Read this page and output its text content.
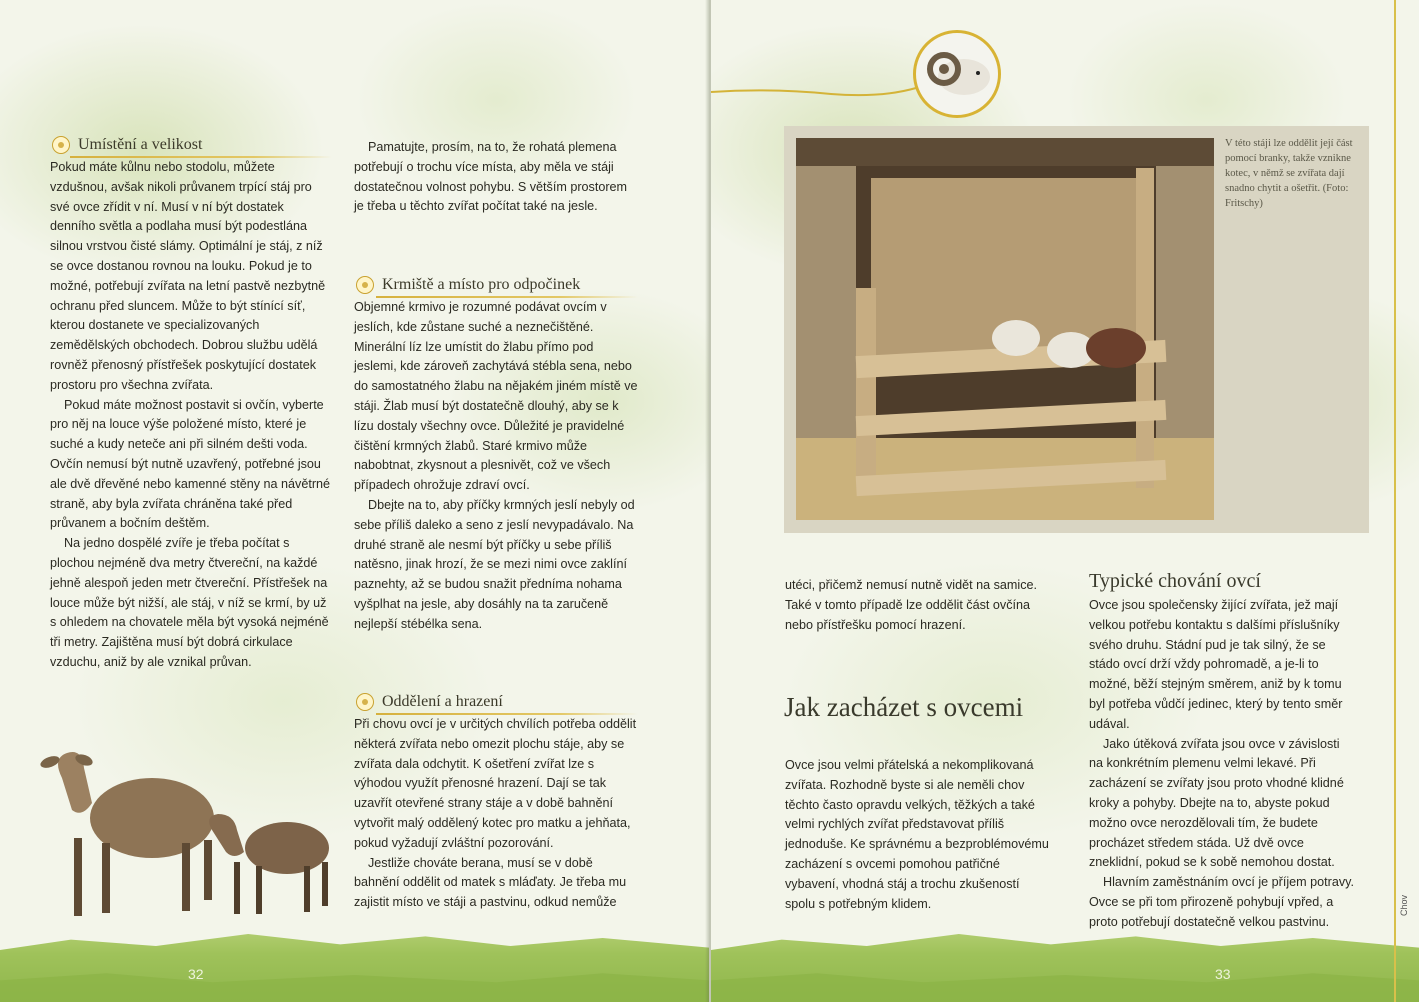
Umístění a velikost

Pokud máte kůlnu nebo stodolu, můžete vzdušnou, avšak nikoli průvanem trpící stáj pro své ovce zřídit v ní. Musí v ní být dostatek denního světla a podlaha musí být podestlána silnou vrstvou čisté slámy. Optimální je stáj, z níž se ovce dostanou rovnou na louku. Pokud je to možné, potřebují zvířata na letní pastvě nezbytně ochranu před sluncem. Může to být stínící síť, kterou dostanete ve specializovaných zemědělských obchodech. Dobrou službu udělá rovněž přenosný přístřešek poskytující dostatek prostoru pro všechna zvířata.

Pokud máte možnost postavit si ovčín, vyberte pro něj na louce výše položené místo, které je suché a kudy neteče ani při silném dešti voda. Ovčín nemusí být nutně uzavřený, potřebné jsou ale dvě dřevěné nebo kamenné stěny na návětrné straně, aby byla zvířata chráněna také před průvanem a bočním deštěm.

Na jedno dospělé zvíře je třeba počítat s plochou nejméně dva metry čtvereční, na každé jehně alespoň jeden metr čtvereční. Přístřešek na louce může být nižší, ale stáj, v níž se krmí, by už s ohledem na chovatele měla být vysoká nejméně tři metry. Zajištěna musí být dobrá cirkulace vzduchu, aniž by ale vznikal průvan.

Pamatujte, prosím, na to, že rohatá plemena potřebují o trochu více místa, aby měla ve stáji dostatečnou volnost pohybu. S větším prostorem je třeba u těchto zvířat počítat také na jesle.

Krmiště a místo pro odpočinek

Objemné krmivo je rozumné podávat ovcím v jeslích, kde zůstane suché a neznečištěné. Minerální líz lze umístit do žlabu přímo pod jeslemi, kde zároveň zachytává stébla sena, nebo do samostatného žlabu na nějakém jiném místě ve stáji. Žlab musí být dostatečně dlouhý, aby se k lízu dostaly všechny ovce. Důležité je pravidelné čištění krmných žlabů. Staré krmivo může nabobtnat, zkysnout a plesnivět, což ve všech případech ohrožuje zdraví ovcí.

Dbejte na to, aby příčky krmných jeslí nebyly od sebe příliš daleko a seno z jeslí nevypadávalo. Na druhé straně ale nesmí být příčky u sebe příliš natěsno, jinak hrozí, že se mezi nimi ovce zaklíní paznehty, až se budou snažit předníma nohama vyšplhat na jesle, aby dosáhly na ta zaručeně nejlepší stébélka sena.

Oddělení a hrazení

Při chovu ovcí je v určitých chvílích potřeba oddělit některá zvířata nebo omezit plochu stáje, aby se zvířata dala odchytit. K ošetření zvířat lze s výhodou využít přenosné hrazení. Dají se tak uzavřít otevřené strany stáje a v době bahnění vytvořit malý oddělený kotec pro matku a jehňata, pokud vyžadují zvláštní pozorování.

Jestliže chováte berana, musí se v době bahnění oddělit od matek s mláďaty. Je třeba mu zajistit místo ve stáji a pastvinu, odkud nemůže

32
V této stáji lze oddělit její část pomocí branky, takže vznikne kotec, v němž se zvířata dají snadno chytit a ošetřit. (Foto: Fritschy)

utéci, přičemž nemusí nutně vidět na samice. Také v tomto případě lze oddělit část ovčína nebo přístřešku pomocí hrazení.

Jak zacházet s ovcemi

Ovce jsou velmi přátelská a nekomplikovaná zvířata. Rozhodně byste si ale neměli chov těchto často opravdu velkých, těžkých a také velmi rychlých zvířat představovat příliš jednoduše. Ke správnému a bezproblémovému zacházení s ovcemi pomohou patřičné vybavení, vhodná stáj a trochu zkušeností spolu s potřebným klidem.

Typické chování ovcí

Ovce jsou společensky žijící zvířata, jež mají velkou potřebu kontaktu s dalšími příslušníky svého druhu. Stádní pud je tak silný, že se stádo ovcí drží vždy pohromadě, a je-li to možné, běží stejným směrem, aniž by k tomu byl potřeba vůdčí jedinec, který by tento směr udával.

Jako útěková zvířata jsou ovce v závislosti na konkrétním plemenu velmi lekavé. Při zacházení se zvířaty jsou proto vhodné klidné kroky a pohyby. Dbejte na to, abyste pokud možno ovce nerozdělovali tím, že budete procházet středem stáda. Už dvě ovce zneklidní, pokud se k sobě nemohou dostat.

Hlavním zaměstnáním ovcí je příjem potravy. Ovce se při tom přirozeně pohybují vpřed, a proto potřebují dostatečně velkou pastvinu.

Chov
33
